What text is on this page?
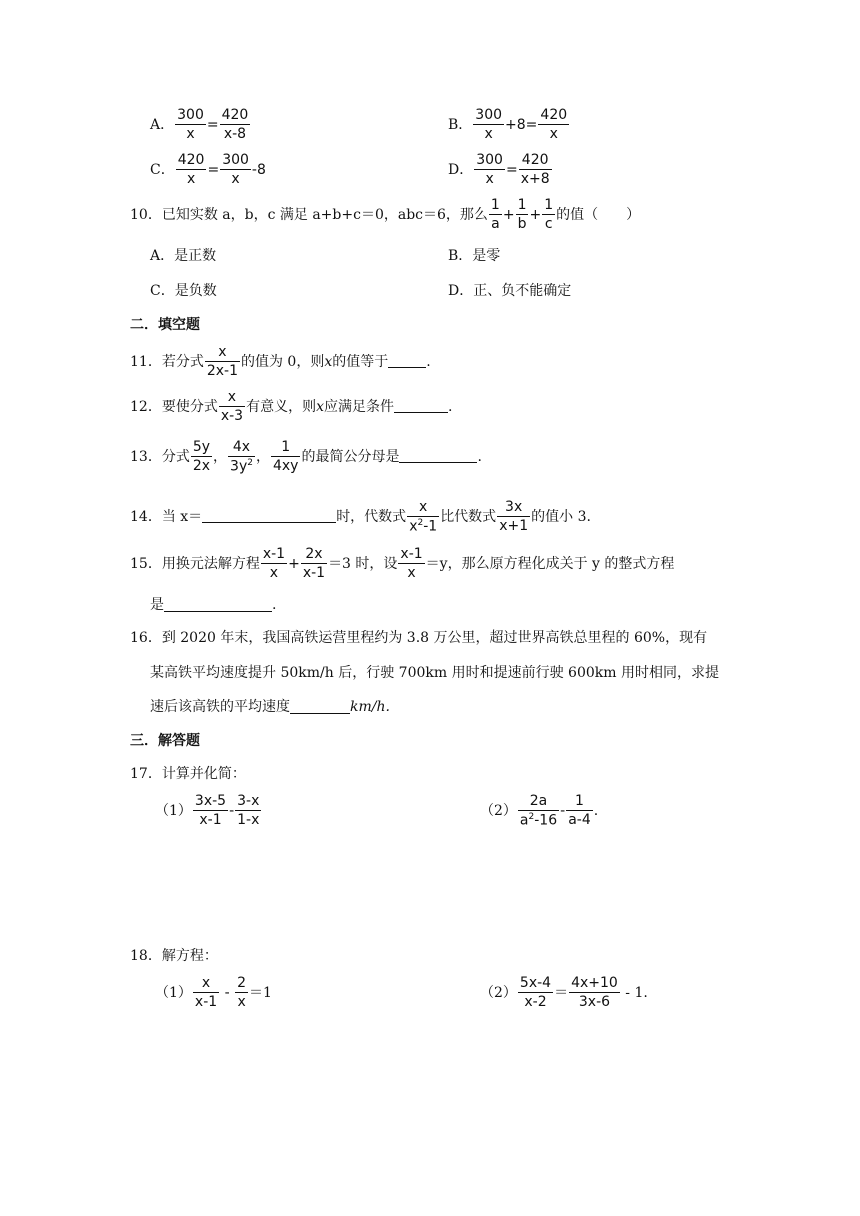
A． $\frac{300}{x} = \frac{420}{x-8}$	B． $\frac{300}{x} +8= \frac{420}{x}$
C． $\frac{420}{x} = \frac{300}{x} -8$	D． $\frac{300}{x} = \frac{420}{x+8}$
10． 已知实数 a，b，c 满足 a+b+c＝0，abc＝6，那么 $\frac{1}{a} + \frac{1}{b} + \frac{1}{c}$ 的值（　　）
A．是正数	B．是零
C．是负数	D．正、负不能确定
二．填空题
11． 若分式 $\frac{x}{2x-1}$ 的值为 0，则 x 的值等于	.
12． 要使分式 $\frac{x}{x-3}$ 有意义，则 x 应满足条件	.
13． 分式 $\frac{5y}{2x}$ ， $\frac{4x}{3y^2}$ ， $\frac{1}{4xy}$ 的最简公分母是	.
14． 当 x＝	时，代数式 $\frac{x}{x^2-1}$ 比代数式 $\frac{3x}{x+1}$ 的值小 3.
15． 用换元法解方程 $\frac{x-1}{x} + \frac{2x}{x-1} =3$ 时，设 $\frac{x-1}{x} =y$，那么原方程化成关于 y 的整式方程
是	.
16．到 2020 年末，我国高铁运营里程约为 3.8 万公里，超过世界高铁总里程的 60%，现有
某高铁平均速度提升 50km/h 后，行驶 700km 用时和提速前行驶 600km 用时相同，求提
速后该高铁的平均速度	km/h.
三．解答题
17．计算并化简：
$(1) \frac{3x-5}{x-1} - \frac{3-x}{1-x}$	$(2) \frac{2a}{a^2-16} - \frac{1}{a-4}$ .
18．解方程：
$(1) \frac{x}{x-1} - \frac{2}{x} =1$	$(2) \frac{5x-4}{x-2} = \frac{4x+10}{3x-6} - 1$.
